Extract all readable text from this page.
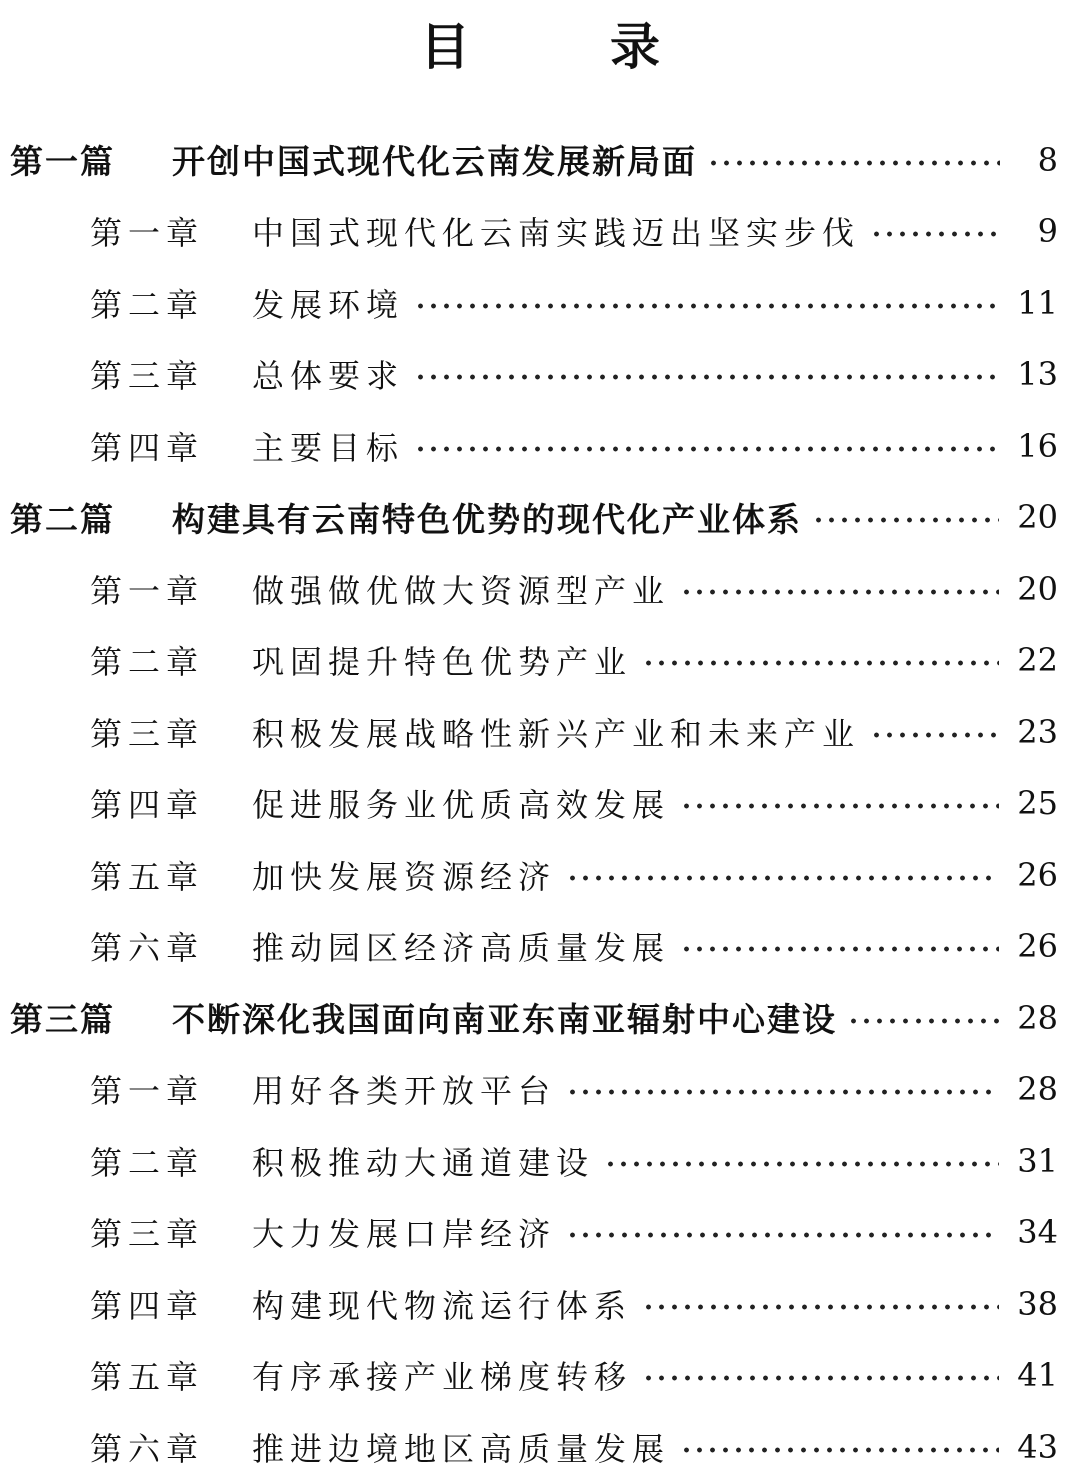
目　录
第一篇	开创中国式现代化云南发展新局面	8
第一章	中国式现代化云南实践迈出坚实步伐	9
第二章	发展环境	11
第三章	总体要求	13
第四章	主要目标	16
第二篇	构建具有云南特色优势的现代化产业体系	20
第一章	做强做优做大资源型产业	20
第二章	巩固提升特色优势产业	22
第三章	积极发展战略性新兴产业和未来产业	23
第四章	促进服务业优质高效发展	25
第五章	加快发展资源经济	26
第六章	推动园区经济高质量发展	26
第三篇	不断深化我国面向南亚东南亚辐射中心建设	28
第一章	用好各类开放平台	28
第二章	积极推动大通道建设	31
第三章	大力发展口岸经济	34
第四章	构建现代物流运行体系	38
第五章	有序承接产业梯度转移	41
第六章	推进边境地区高质量发展	43
